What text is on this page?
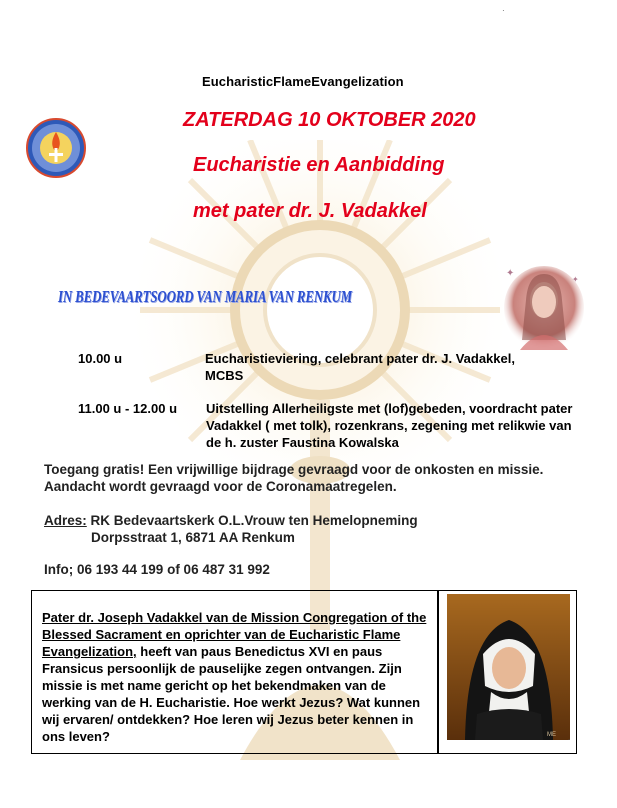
·
EucharisticFlameEvangelization
ZATERDAG 10 OKTOBER 2020
Eucharistie en Aanbidding
met pater dr. J. Vadakkel
IN BEDEVAARTSOORD VAN MARIA VAN RENKUM
✦
✦
10.00 u	Eucharistieviering, celebrant pater dr. J. Vadakkel, MCBS
11.00 u - 12.00 u Uitstelling Allerheiligste met (lof)gebeden, voordracht pater Vadakkel ( met tolk), rozenkrans, zegening met relikwie van de h. zuster Faustina Kowalska
Toegang gratis! Een vrijwillige bijdrage gevraagd voor de onkosten en missie. Aandacht wordt gevraagd voor de Coronamaatregelen.
Adres: RK Bedevaartskerk O.L.Vrouw ten Hemelopneming
Dorpsstraat 1, 6871 AA Renkum
Info; 06 193 44 199 of 06 487 31 992
Pater dr. Joseph Vadakkel van de Mission Congregation of the Blessed Sacrament en oprichter van de Eucharistic Flame Evangelization, heeft van paus Benedictus XVI en paus Fransicus persoonlijk de pauselijke zegen ontvangen. Zijn missie is met name gericht op het bekendmaken van de werking van de H. Eucharistie. Hoe werkt Jezus? Wat kunnen wij ervaren/ ontdekken? Hoe leren wij Jezus beter kennen in ons leven?	ME .
